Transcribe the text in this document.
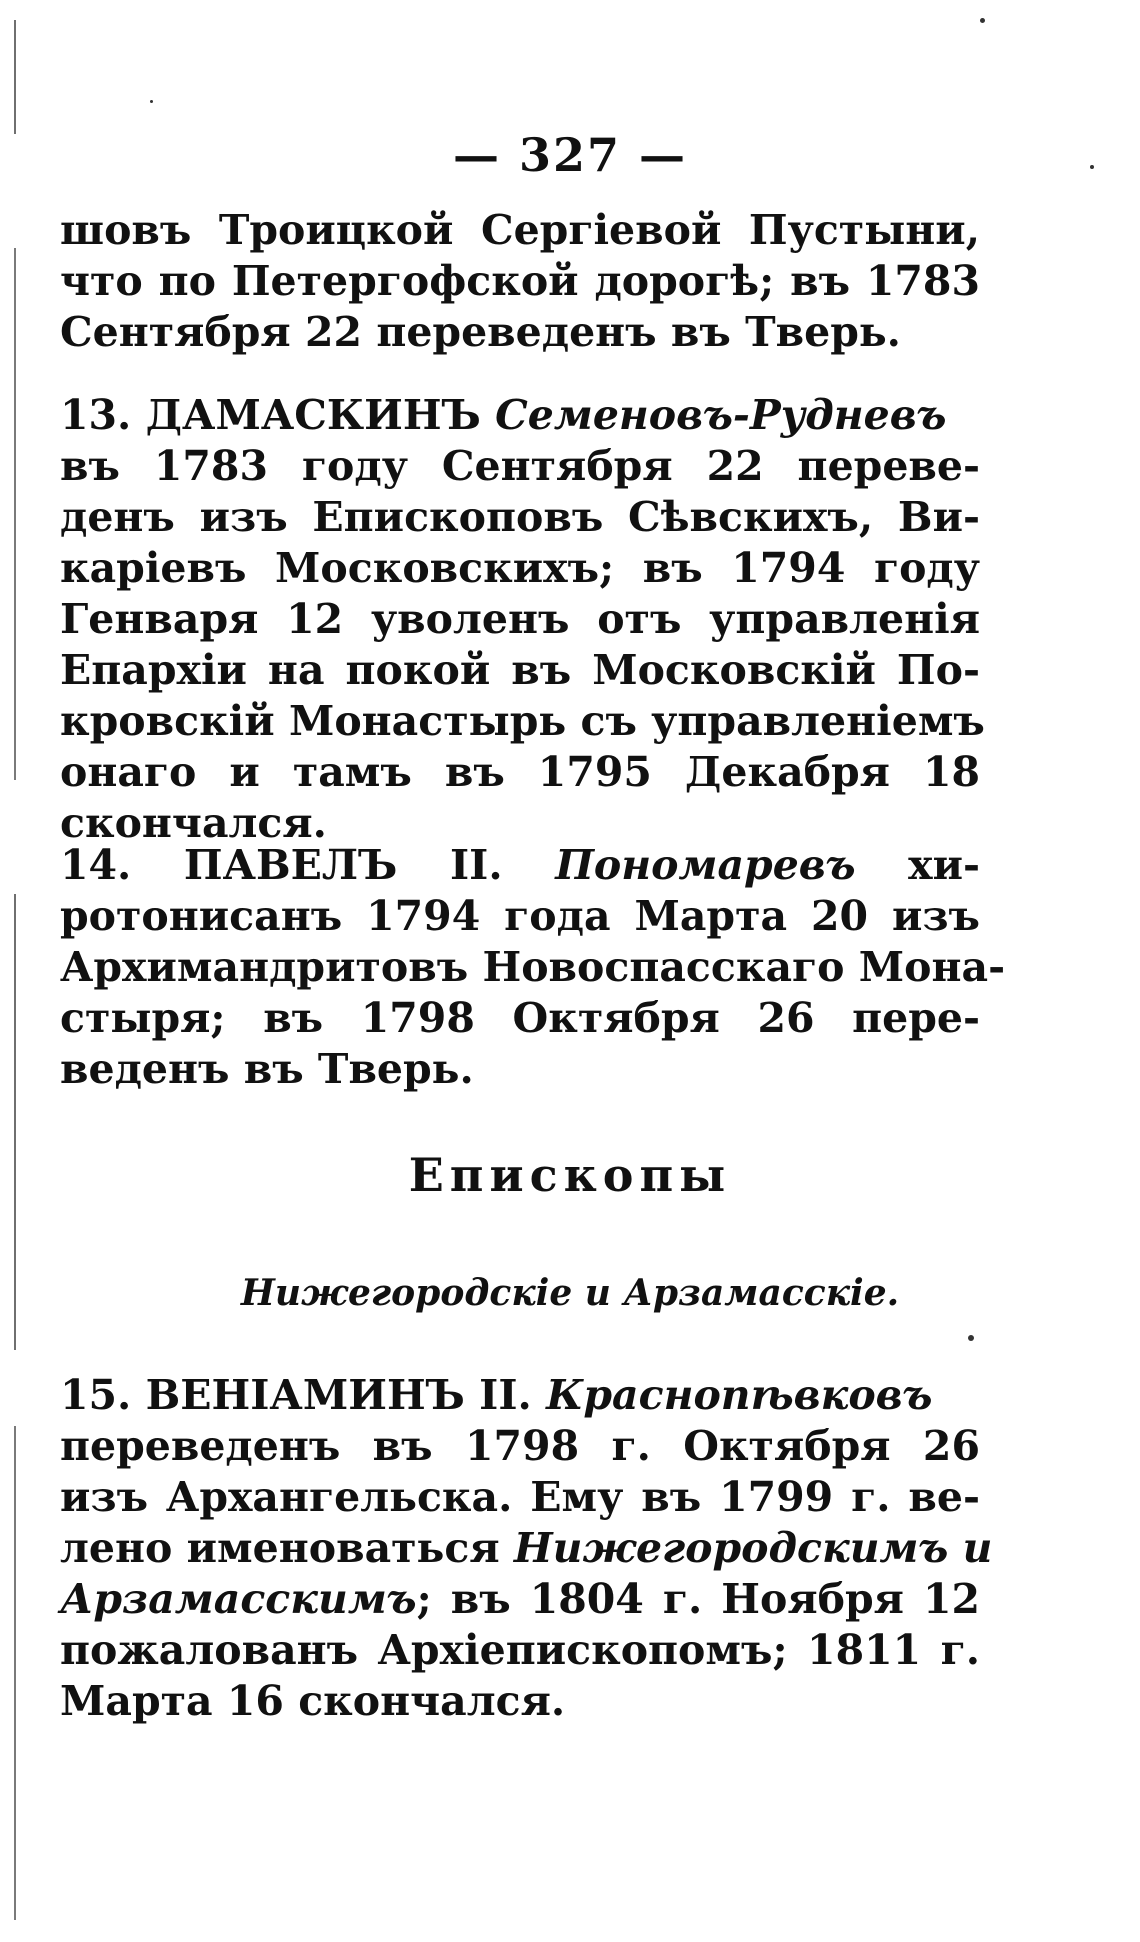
— 327 —
шовъ Троицкой Сергіевой Пустыни,
что по Петергофской дорогѣ; въ 1783
Сентября 22 переведенъ въ Тверь.
13. ДАМАСКИНЪ Семеновъ-Рудневъ
въ 1783 году Сентября 22 переве-
денъ изъ Епископовъ Сѣвскихъ, Ви-
каріевъ Московскихъ; въ 1794 году
Генваря 12 уволенъ отъ управленія
Епархіи на покой въ Московскій По-
кровскій Монастырь съ управленіемъ
онаго и тамъ въ 1795 Декабря 18
скончался.
14. ПАВЕЛЪ II. Пономаревъ хи-
ротонисанъ 1794 года Марта 20 изъ
Архимандритовъ Новоспасскаго Мона-
стыря; въ 1798 Октября 26 пере-
веденъ въ Тверь.
Епископы
Нижегородскіе и Арзамасскіе.
15. ВЕНІАМИНЪ II. Краснопѣвковъ
переведенъ въ 1798 г. Октября 26
изъ Архангельска. Ему въ 1799 г. ве-
лено именоваться Нижегородскимъ и
Арзамасскимъ; въ 1804 г. Ноября 12
пожалованъ Архіепископомъ; 1811 г.
Марта 16 скончался.
